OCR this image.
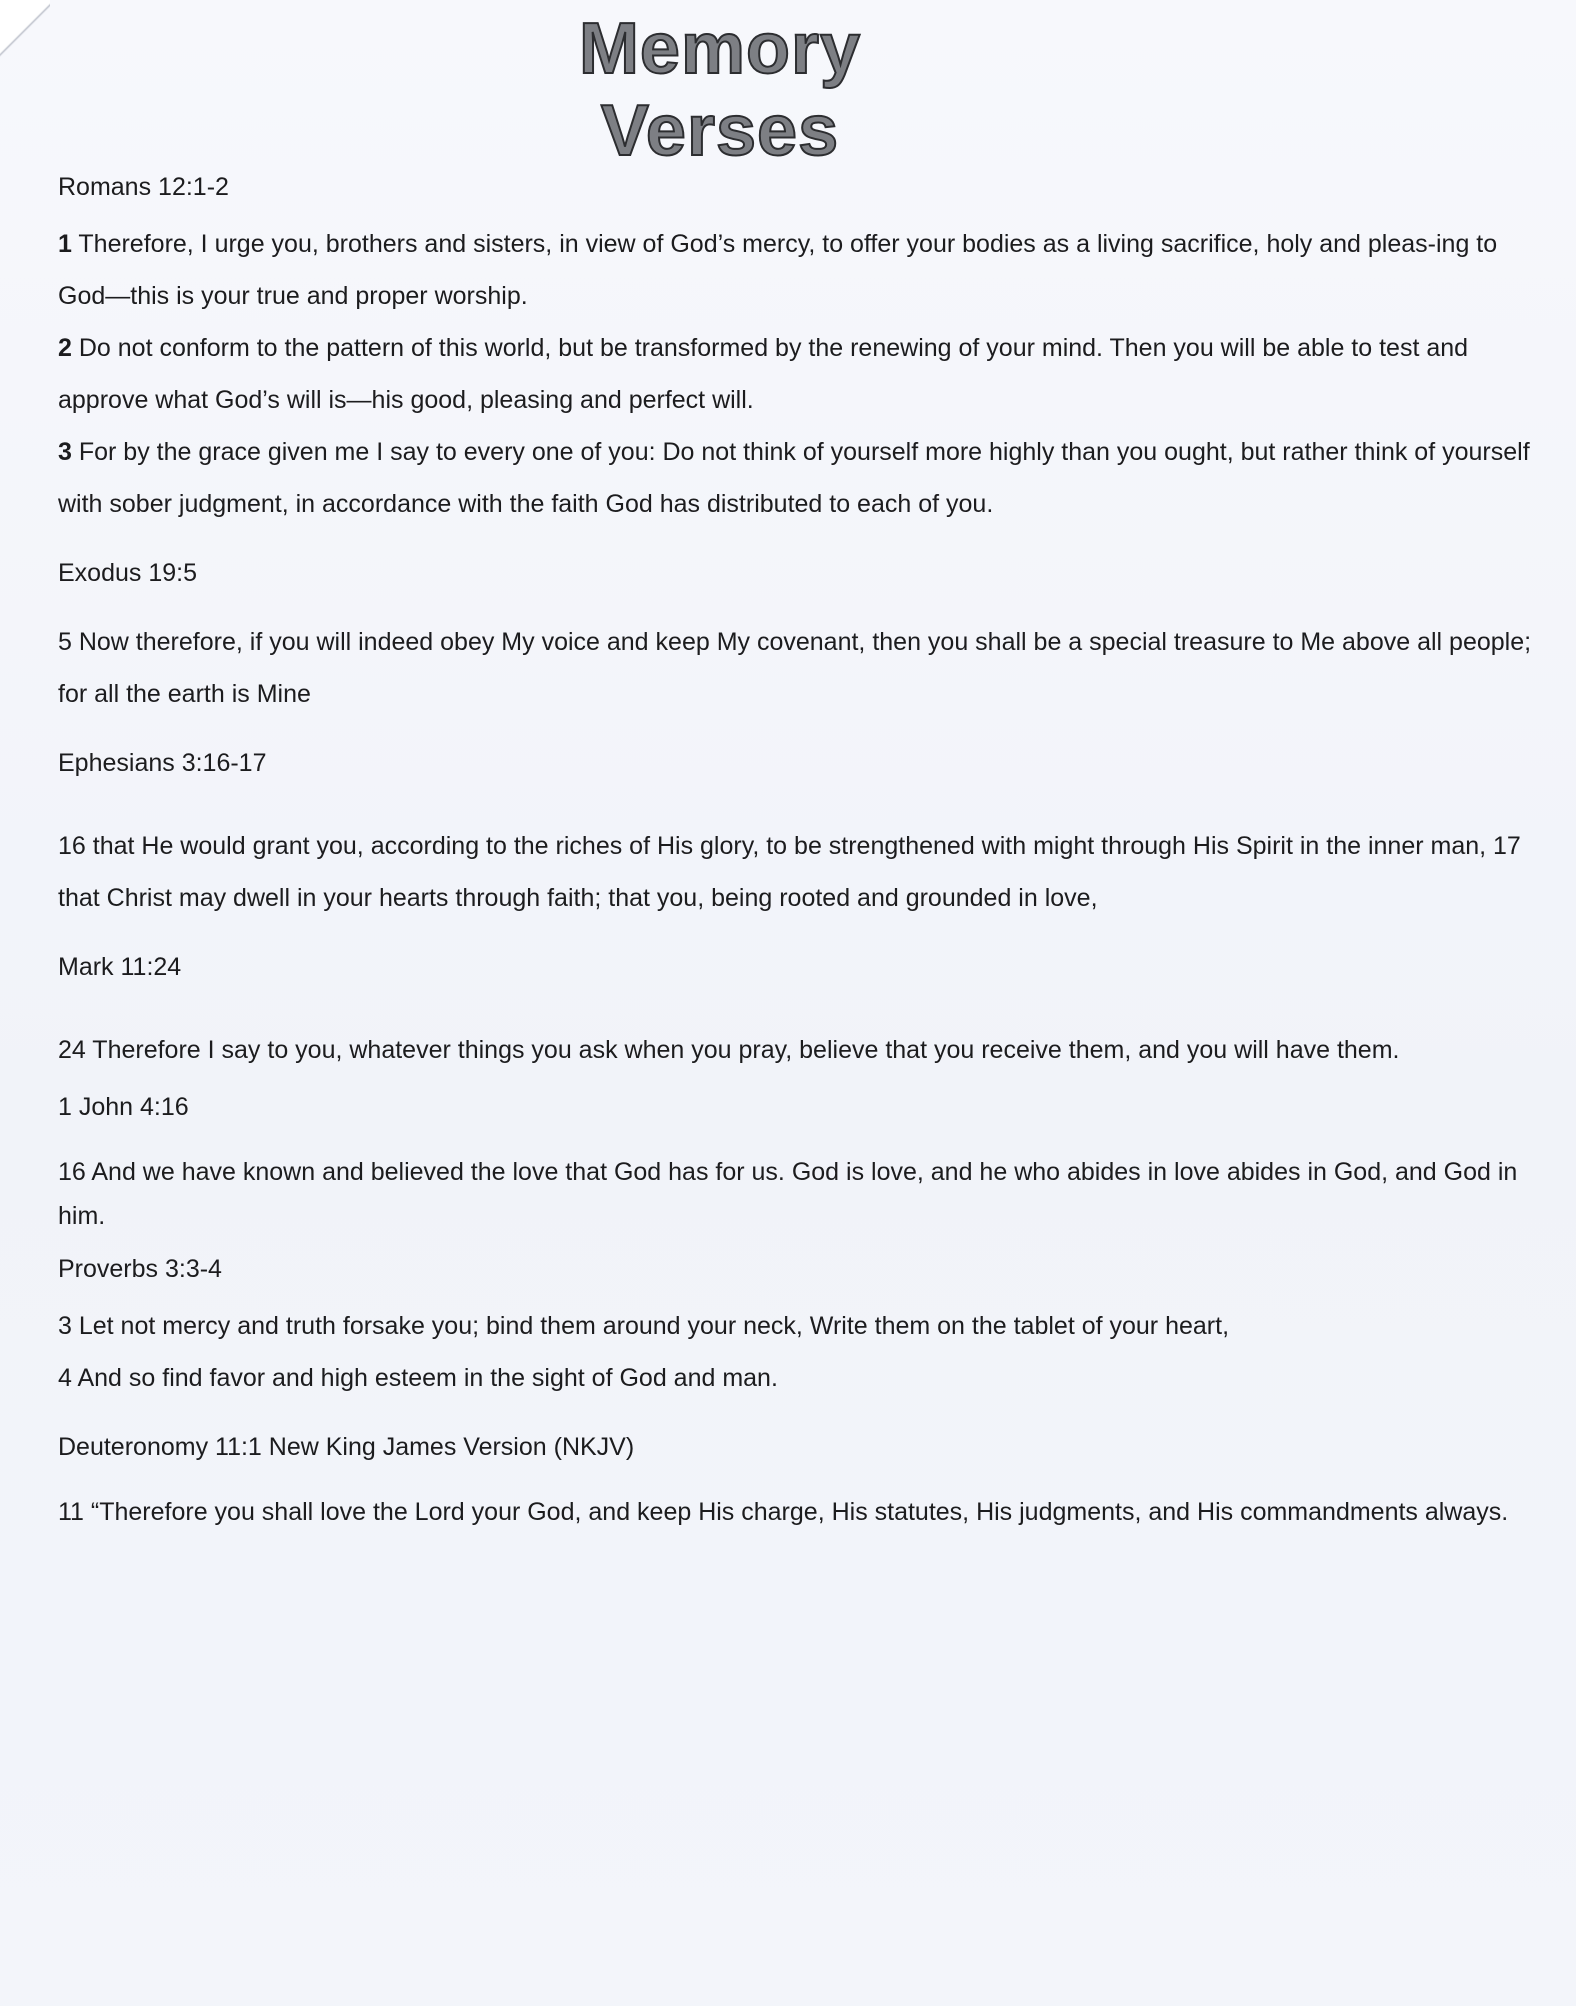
Memory Verses

Romans 12:1-2

1 Therefore, I urge you, brothers and sisters, in view of God’s mercy, to offer your bodies as a living sacrifice, holy and pleas-ing to God—this is your true and proper worship.

2 Do not conform to the pattern of this world, but be transformed by the renewing of your mind. Then you will be able to test and approve what God’s will is—his good, pleasing and perfect will.

3 For by the grace given me I say to every one of you: Do not think of yourself more highly than you ought, but rather think of yourself with sober judgment, in accordance with the faith God has distributed to each of you.

Exodus 19:5

5 Now therefore, if you will indeed obey My voice and keep My covenant, then you shall be a special treasure to Me above all people; for all the earth is Mine

Ephesians 3:16-17

16 that He would grant you, according to the riches of His glory, to be strengthened with might through His Spirit in the inner man, 17 that Christ may dwell in your hearts through faith; that you, being rooted and grounded in love,

Mark 11:24

24 Therefore I say to you, whatever things you ask when you pray, believe that you receive them, and you will have them.

1 John 4:16

16 And we have known and believed the love that God has for us. God is love, and he who abides in love abides in God, and God in him.

Proverbs 3:3-4

3 Let not mercy and truth forsake you; bind them around your neck, Write them on the tablet of your heart,

4 And so find favor and high esteem in the sight of God and man.

Deuteronomy 11:1 New King James Version (NKJV)

11 “Therefore you shall love the Lord your God, and keep His charge, His statutes, His judgments, and His commandments always.
